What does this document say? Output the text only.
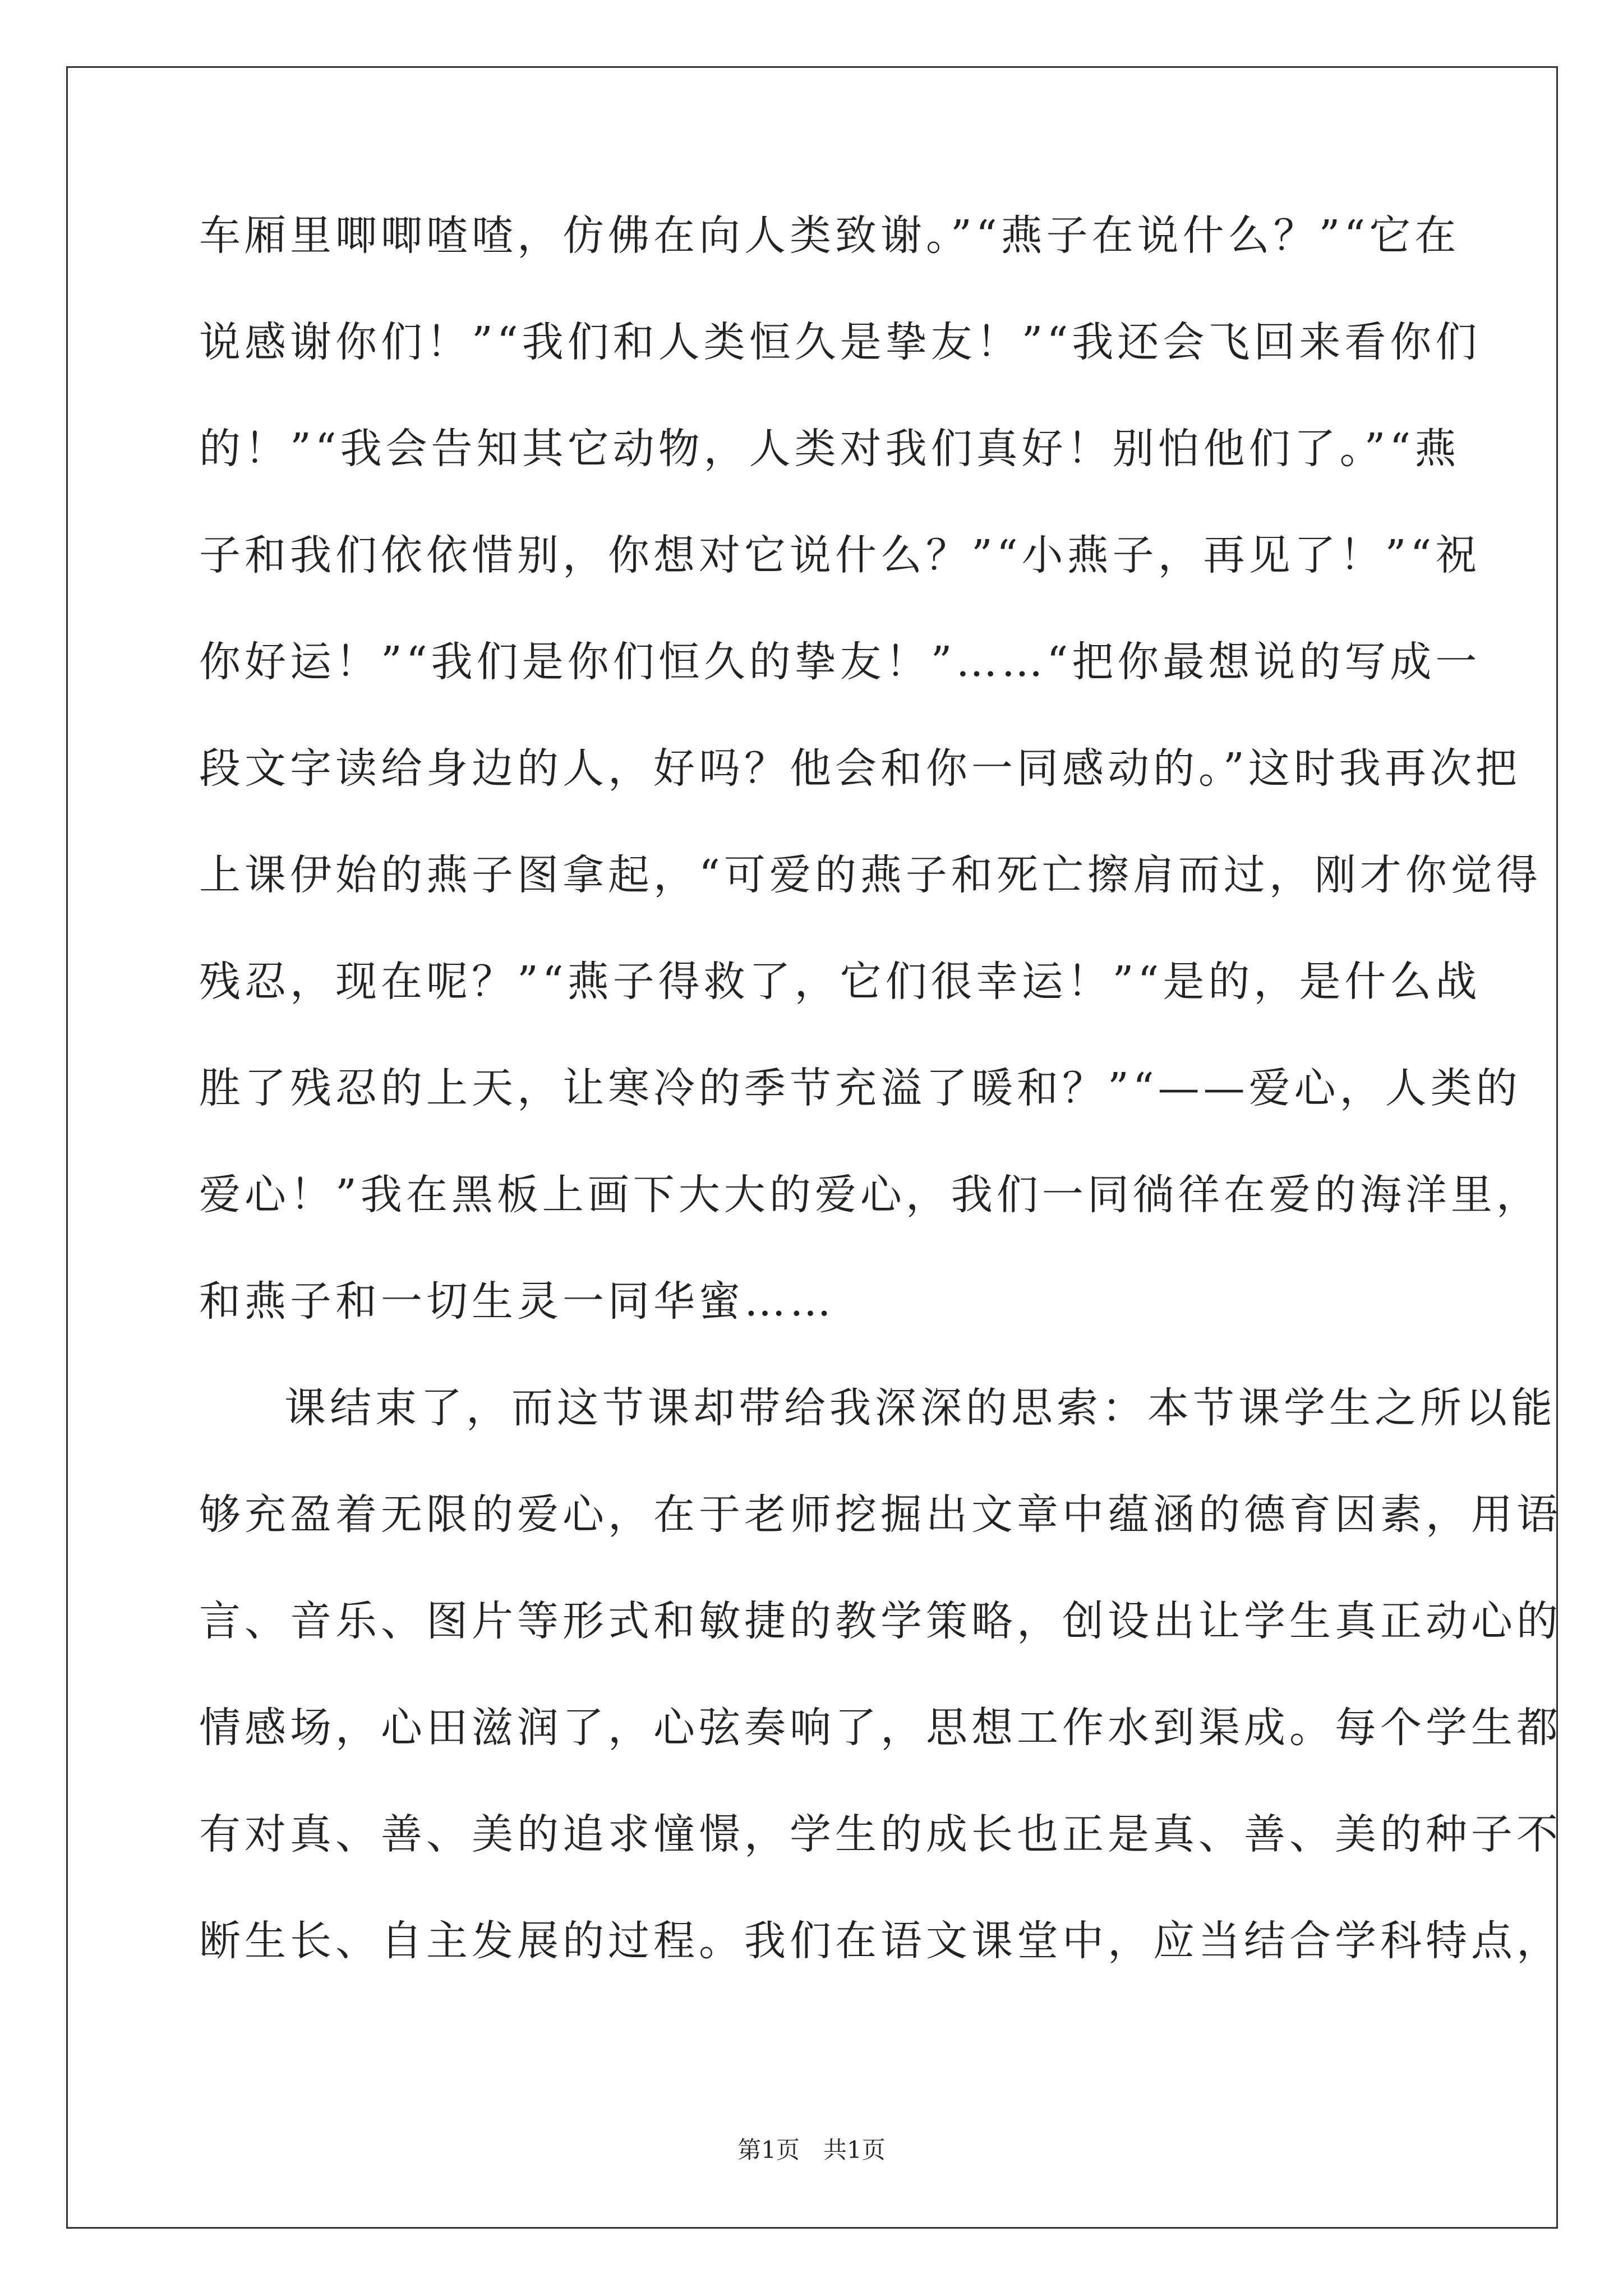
车厢里唧唧喳喳，仿佛在向人类致谢。”“燕子在说什么？”“它在
说感谢你们！”“我们和人类恒久是挚友！”“我还会飞回来看你们
的！”“我会告知其它动物，人类对我们真好！别怕他们了。”“燕
子和我们依依惜别，你想对它说什么？”“小燕子，再见了！”“祝
你好运！”“我们是你们恒久的挚友！”……“把你最想说的写成一
段文字读给身边的人，好吗？他会和你一同感动的。”这时我再次把
上课伊始的燕子图拿起，“可爱的燕子和死亡擦肩而过，刚才你觉得
残忍，现在呢？”“燕子得救了，它们很幸运！”“是的，是什么战
胜了残忍的上天，让寒冷的季节充溢了暖和？”“——爱心，人类的
爱心！”我在黑板上画下大大的爱心，我们一同徜徉在爱的海洋里，
和燕子和一切生灵一同华蜜……
课结束了，而这节课却带给我深深的思索：本节课学生之所以能
够充盈着无限的爱心，在于老师挖掘出文章中蕴涵的德育因素，用语
言、音乐、图片等形式和敏捷的教学策略，创设出让学生真正动心的
情感场，心田滋润了，心弦奏响了，思想工作水到渠成。每个学生都
有对真、善、美的追求憧憬，学生的成长也正是真、善、美的种子不
断生长、自主发展的过程。我们在语文课堂中，应当结合学科特点，
第1页　共1页
